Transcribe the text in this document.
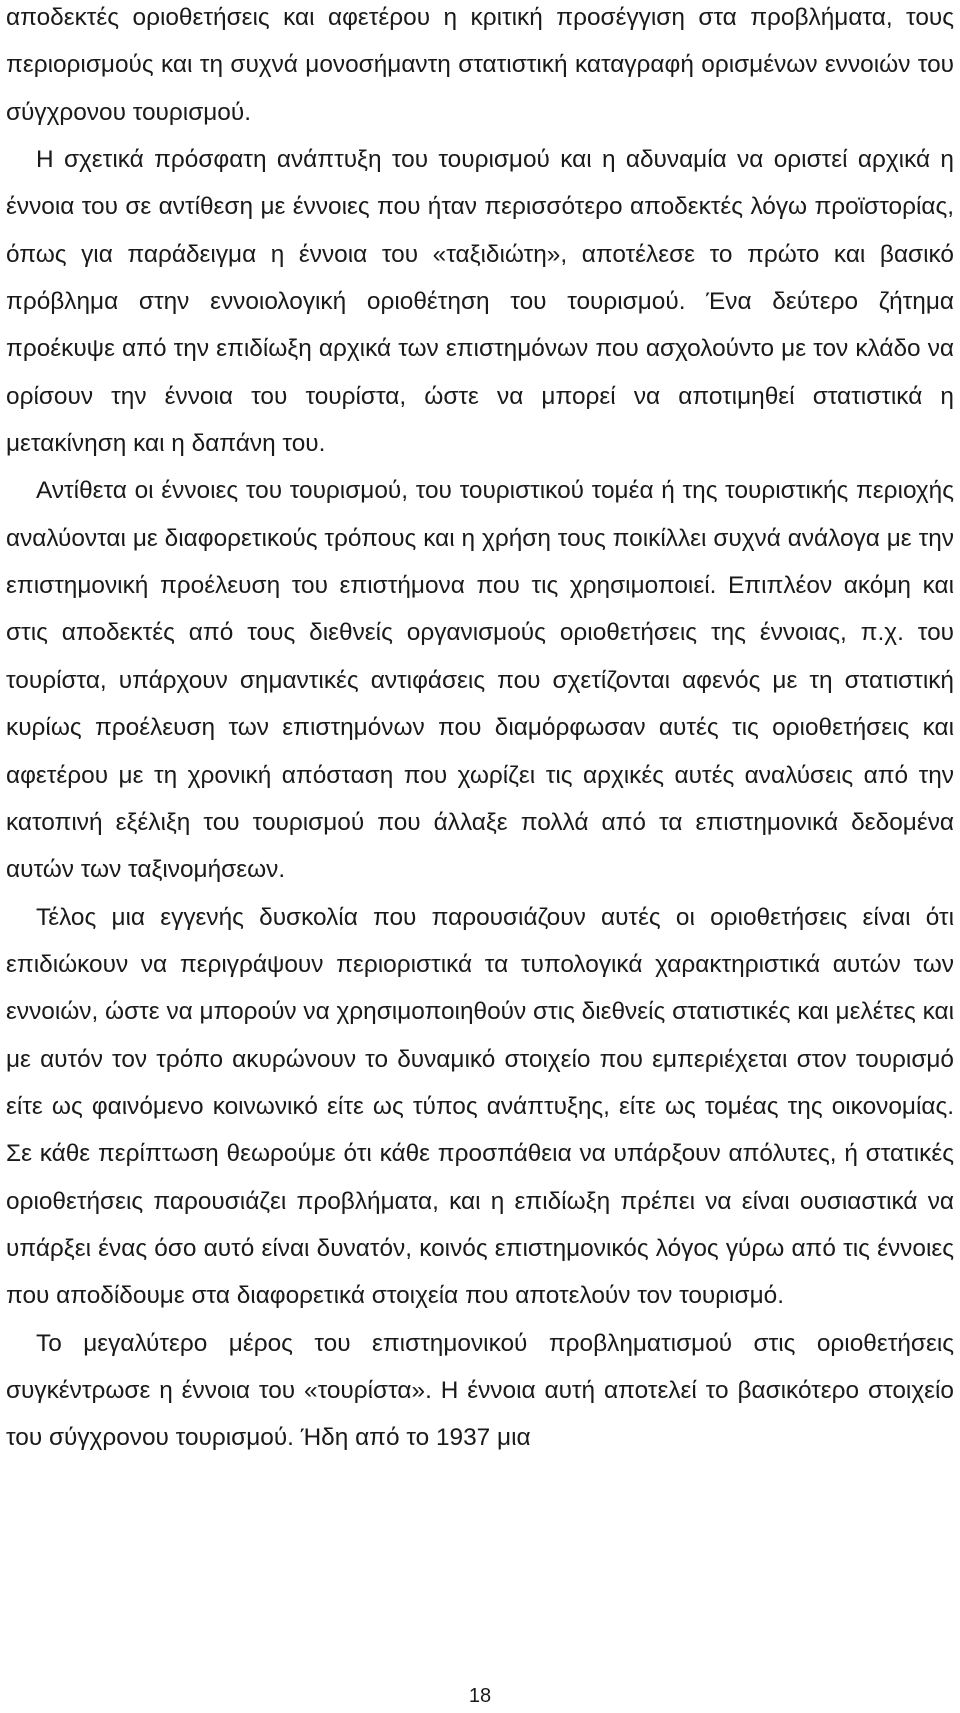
αποδεκτές οριοθετήσεις και αφετέρου η κριτική προσέγγιση στα προβλήματα, τους περιορισμούς και τη συχνά μονοσήμαντη στατιστική καταγραφή ορισμένων εννοιών του σύγχρονου τουρισμού.

Η σχετικά πρόσφατη ανάπτυξη του τουρισμού και η αδυναμία να οριστεί αρχικά η έννοια του σε αντίθεση με έννοιες που ήταν περισσότερο αποδεκτές λόγω προϊστορίας, όπως για παράδειγμα η έννοια του «ταξιδιώτη», αποτέλεσε το πρώτο και βασικό πρόβλημα στην εννοιολογική οριοθέτηση του τουρισμού. Ένα δεύτερο ζήτημα προέκυψε από την επιδίωξη αρχικά των επιστημόνων που ασχολούντο με τον κλάδο να ορίσουν την έννοια του τουρίστα, ώστε να μπορεί να αποτιμηθεί στατιστικά η μετακίνηση και η δαπάνη του.

Αντίθετα οι έννοιες του τουρισμού, του τουριστικού τομέα ή της τουριστικής περιοχής αναλύονται με διαφορετικούς τρόπους και η χρήση τους ποικίλλει συχνά ανάλογα με την επιστημονική προέλευση του επιστήμονα που τις χρησιμοποιεί. Επιπλέον ακόμη και στις αποδεκτές από τους διεθνείς οργανισμούς οριοθετήσεις της έννοιας, π.χ. του τουρίστα, υπάρχουν σημαντικές αντιφάσεις που σχετίζονται αφενός με τη στατιστική κυρίως προέλευση των επιστημόνων που διαμόρφωσαν αυτές τις οριοθετήσεις και αφετέρου με τη χρονική απόσταση που χωρίζει τις αρχικές αυτές αναλύσεις από την κατοπινή εξέλιξη του τουρισμού που άλλαξε πολλά από τα επιστημονικά δεδομένα αυτών των ταξινομήσεων.

Τέλος μια εγγενής δυσκολία που παρουσιάζουν αυτές οι οριοθετήσεις είναι ότι επιδιώκουν να περιγράψουν περιοριστικά τα τυπολογικά χαρακτηριστικά αυτών των εννοιών, ώστε να μπορούν να χρησιμοποιηθούν στις διεθνείς στατιστικές και μελέτες και με αυτόν τον τρόπο ακυρώνουν το δυναμικό στοιχείο που εμπεριέχεται στον τουρισμό είτε ως φαινόμενο κοινωνικό είτε ως τύπος ανάπτυξης, είτε ως τομέας της οικονομίας. Σε κάθε περίπτωση θεωρούμε ότι κάθε προσπάθεια να υπάρξουν απόλυτες, ή στατικές οριοθετήσεις παρουσιάζει προβλήματα, και η επιδίωξη πρέπει να είναι ουσιαστικά να υπάρξει ένας όσο αυτό είναι δυνατόν, κοινός επιστημονικός λόγος γύρω από τις έννοιες που αποδίδουμε στα διαφορετικά στοιχεία που αποτελούν τον τουρισμό.

Το μεγαλύτερο μέρος του επιστημονικού προβληματισμού στις οριοθετήσεις συγκέντρωσε η έννοια του «τουρίστα». Η έννοια αυτή αποτελεί το βασικότερο στοιχείο του σύγχρονου τουρισμού. Ήδη από το 1937 μια

18
